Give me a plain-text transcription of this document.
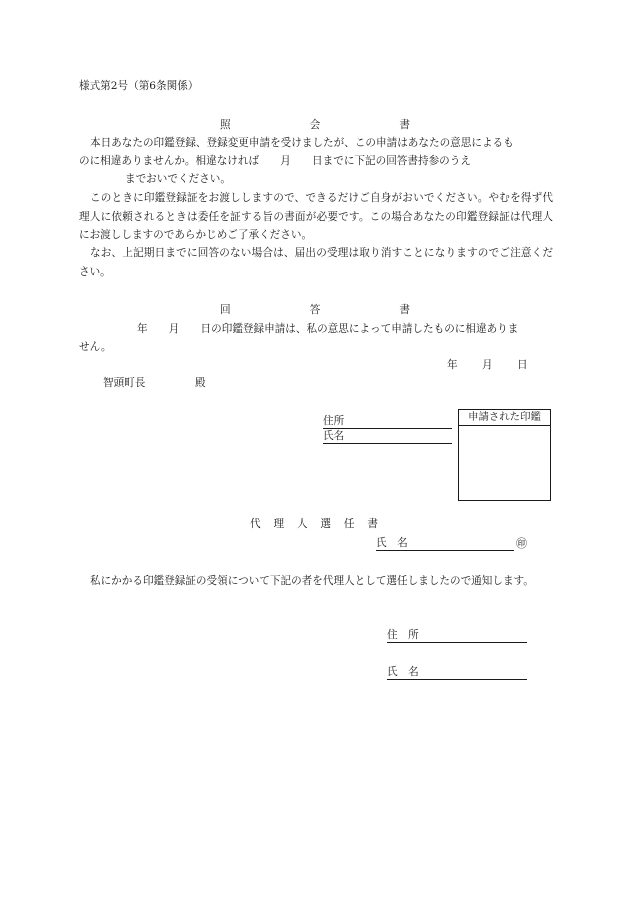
様式第2号（第6条関係）
照	会	書
本日あなたの印鑑登録、登録変更申請を受けましたが、この申請はあなたの意思によるも
のに相違ありませんか。相違なければ　　月　　日までに下記の回答書持参のうえ
までおいでください。
このときに印鑑登録証をお渡ししますので、できるだけご自身がおいでください。やむを得ず代理人に依頼されるときは委任を証する旨の書面が必要です。この場合あなたの印鑑登録証は代理人にお渡ししますのであらかじめご了承ください。
なお、上記期日までに回答のない場合は、届出の受理は取り消すことになりますのでご注意ください。
回	答	書
年　　月　　日の印鑑登録申請は、私の意思によって申請したものに相違ありま
せん。
年 月 日
智頭町長	殿
住所
氏名
申請された印鑑
代 理 人 選 任 書
氏　名	㊞
私にかかる印鑑登録証の受領について下記の者を代理人として選任しましたので通知します。
住　所
氏　名
